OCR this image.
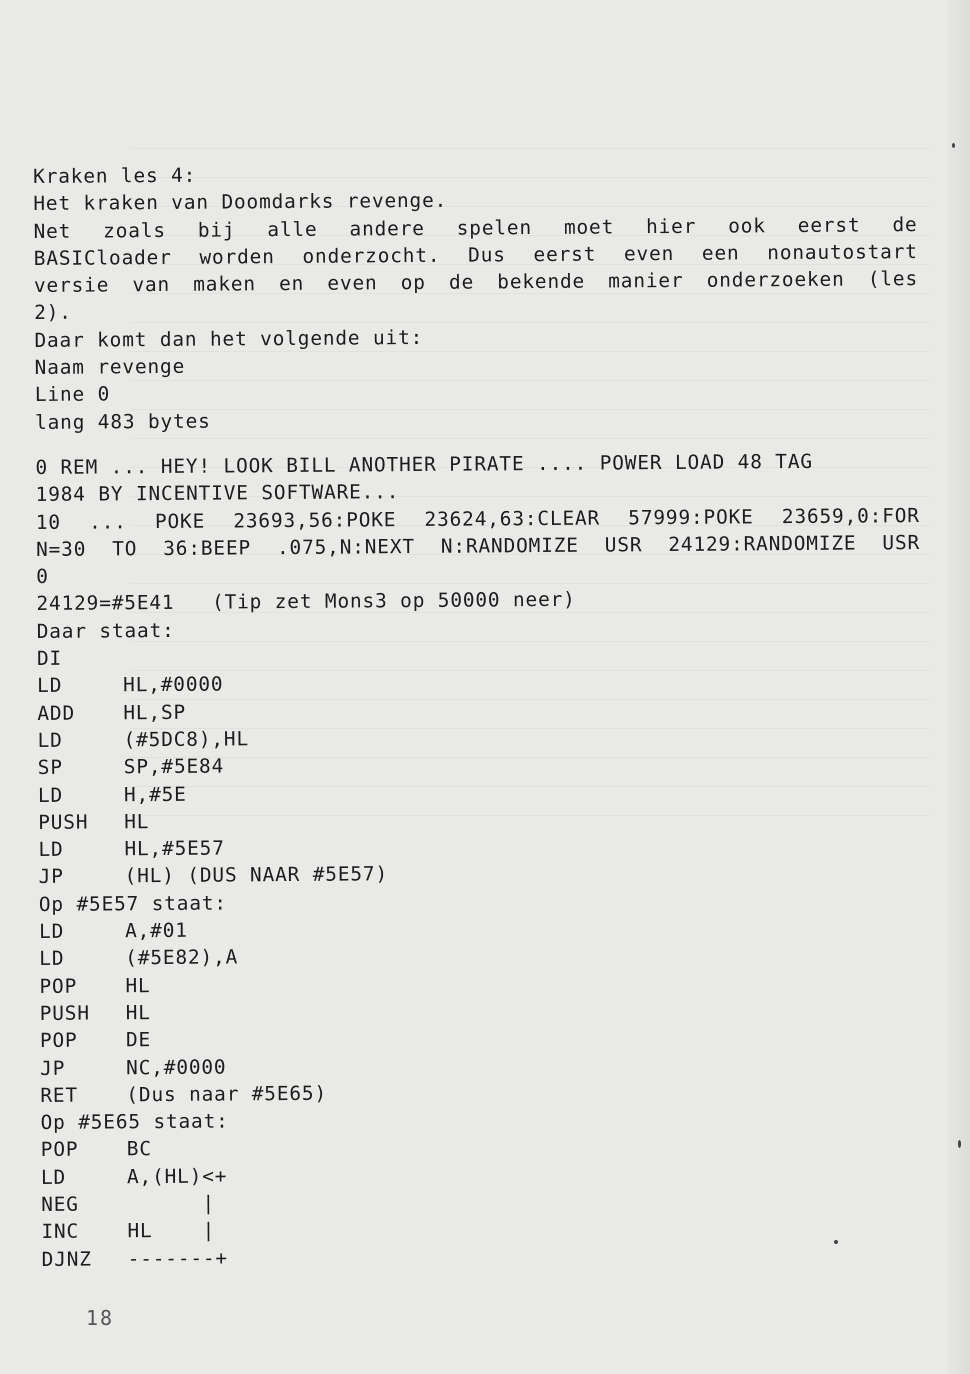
Kraken les 4:
Het kraken van Doomdarks revenge.
Net zoals bij alle andere spelen moet hier ook eerst de
BASICloader worden onderzocht. Dus eerst even een nonautostart
versie van maken en even op de bekende manier onderzoeken (les
2).
Daar komt dan het volgende uit:
Naam revenge
Line 0
lang 483 bytes
0 REM ... HEY! LOOK BILL ANOTHER PIRATE .... POWER LOAD 48 TAG
1984 BY INCENTIVE SOFTWARE...
10 ... POKE 23693,56:POKE 23624,63:CLEAR 57999:POKE 23659,0:FOR
N=30 TO 36:BEEP .075,N:NEXT N:RANDOMIZE USR 24129:RANDOMIZE USR
0
24129=#5E41   (Tip zet Mons3 op 50000 neer)
Daar staat:
DI
LD	HL,#0000
ADD HL,SP
LD	(#5DC8),HL
SP	SP,#5E84
LD	H,#5E
PUSH HL
LD	HL,#5E57
JP	(HL) (DUS NAAR #5E57)
Op #5E57 staat:
LD	A,#01
LD	(#5E82),A
POP HL
PUSH HL
POP DE
JP	NC,#0000
RET (Dus naar #5E65)
Op #5E65 staat:
POP BC
LD	A,(HL)<+
NEG      |
INC HL    |
DJNZ -------+
18
